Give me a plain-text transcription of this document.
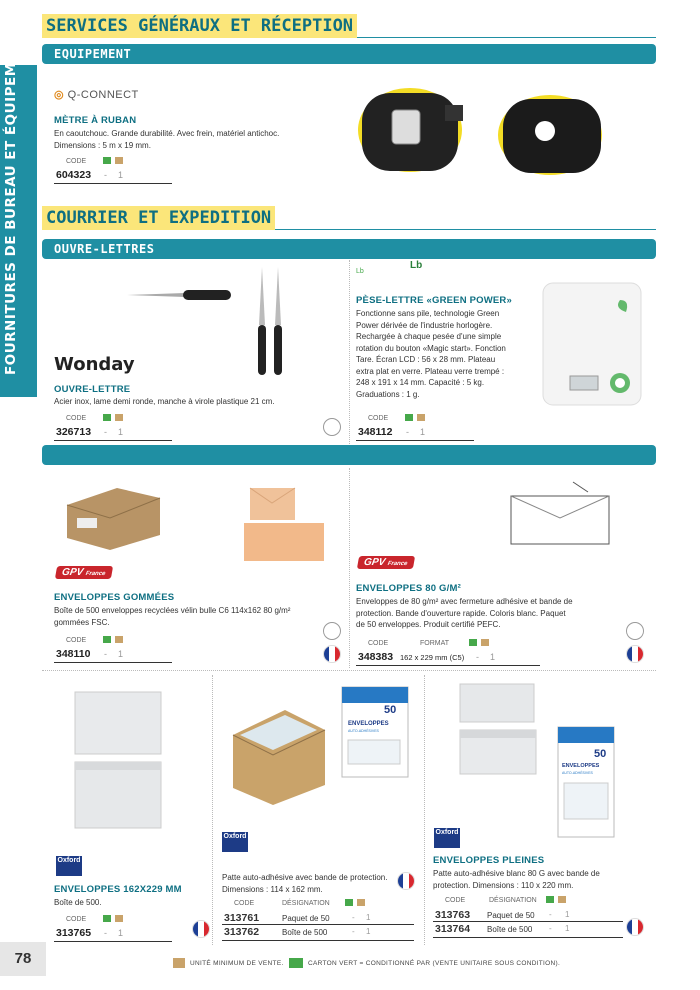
FOURNITURES DE BUREAU ET ÉQUIPEMENTS
78
SERVICES GÉNÉRAUX ET RÉCEPTION
EQUIPEMENT
◎ Q-CONNECT
MÈTRE À RUBAN
En caoutchouc. Grande durabilité. Avec frein, matériel antichoc.
Dimensions : 5 m x 19 mm.
CODE

604323 - 1
COURRIER ET EXPEDITION
OUVRE-LETTRES
Wonday
OUVRE-LETTRE
Acier inox, lame demi ronde, manche à virole plastique 21 cm.
CODE

326713 - 1
Lb
Lb
PÈSE-LETTRE «GREEN POWER»
Fonctionne sans pile, technologie Green
Power dérivée de l'industrie horlogère.
Rechargée à chaque pesée d'une simple
rotation du bouton «Magic start». Fonction
Tare. Écran LCD : 56 x 28 mm. Plateau
extra plat en verre. Plateau verre trempé :
248 x 191 x 14 mm. Capacité : 5 kg.
Graduations : 1 g.
CODE

348112 - 1
GPV France
ENVELOPPES GOMMÉES
Boîte de 500 enveloppes recyclées vélin bulle C6 114x162 80 g/m²
gommées FSC.
CODE

348110 - 1
GPV France
ENVELOPPES 80 G/M²
Enveloppes de 80 g/m² avec fermeture adhésive et bande de
protection. Bande d'ouverture rapide. Coloris blanc. Paquet
de 50 enveloppes. Produit certifié PEFC.
CODE	FORMAT

348383 162 x 229 mm (C5) - 1
Oxford
ENVELOPPES 162X229 MM
Boîte de 500.
CODE

313765 - 1
50
ENVELOPPES
AUTO-ADHÉSIVES
Oxford
Patte auto-adhésive avec bande de protection.
Dimensions : 114 x 162 mm.
CODE	DÉSIGNATION

313761	Paquet de 50	- 1
313762	Boîte de 500	- 1
50
ENVELOPPES
AUTO-ADHÉSIVES
Oxford
ENVELOPPES PLEINES
Patte auto-adhésive blanc 80 G avec bande de
protection. Dimensions : 110 x 220 mm.
CODE	DÉSIGNATION

313763 Paquet de 50 - 1
313764 Boîte de 500 - 1
UNITÉ MINIMUM DE VENTE.	CARTON VERT = CONDITIONNÉ PAR (VENTE UNITAIRE SOUS CONDITION).
